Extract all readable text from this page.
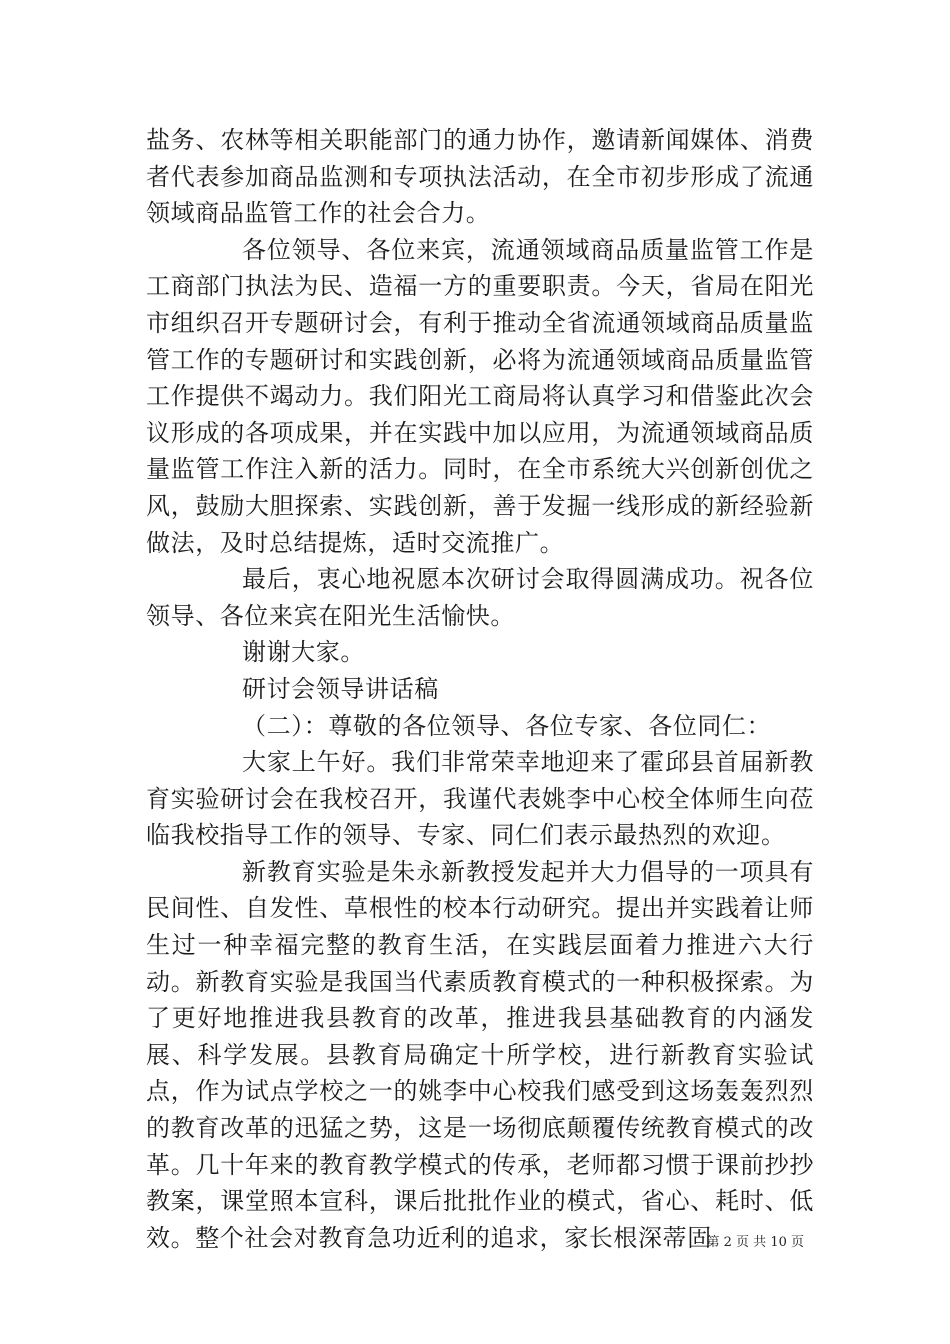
盐务、农林等相关职能部门的通力协作，邀请新闻媒体、消费者代表参加商品监测和专项执法活动，在全市初步形成了流通领域商品监管工作的社会合力。

各位领导、各位来宾，流通领域商品质量监管工作是工商部门执法为民、造福一方的重要职责。今天，省局在阳光市组织召开专题研讨会，有利于推动全省流通领域商品质量监管工作的专题研讨和实践创新，必将为流通领域商品质量监管工作提供不竭动力。我们阳光工商局将认真学习和借鉴此次会议形成的各项成果，并在实践中加以应用，为流通领域商品质量监管工作注入新的活力。同时，在全市系统大兴创新创优之风，鼓励大胆探索、实践创新，善于发掘一线形成的新经验新做法，及时总结提炼，适时交流推广。

最后，衷心地祝愿本次研讨会取得圆满成功。祝各位领导、各位来宾在阳光生活愉快。

谢谢大家。

研讨会领导讲话稿

（二）：尊敬的各位领导、各位专家、各位同仁：

大家上午好。我们非常荣幸地迎来了霍邱县首届新教育实验研讨会在我校召开，我谨代表姚李中心校全体师生向莅临我校指导工作的领导、专家、同仁们表示最热烈的欢迎。

新教育实验是朱永新教授发起并大力倡导的一项具有民间性、自发性、草根性的校本行动研究。提出并实践着让师生过一种幸福完整的教育生活，在实践层面着力推进六大行动。新教育实验是我国当代素质教育模式的一种积极探索。为了更好地推进我县教育的改革，推进我县基础教育的内涵发展、科学发展。县教育局确定十所学校，进行新教育实验试点，作为试点学校之一的姚李中心校我们感受到这场轰轰烈烈的教育改革的迅猛之势，这是一场彻底颠覆传统教育模式的改革。几十年来的教育教学模式的传承，老师都习惯于课前抄抄教案，课堂照本宣科，课后批批作业的模式，省心、耗时、低效。整个社会对教育急功近利的追求，家长根深蒂固

第 2 页 共 10 页
